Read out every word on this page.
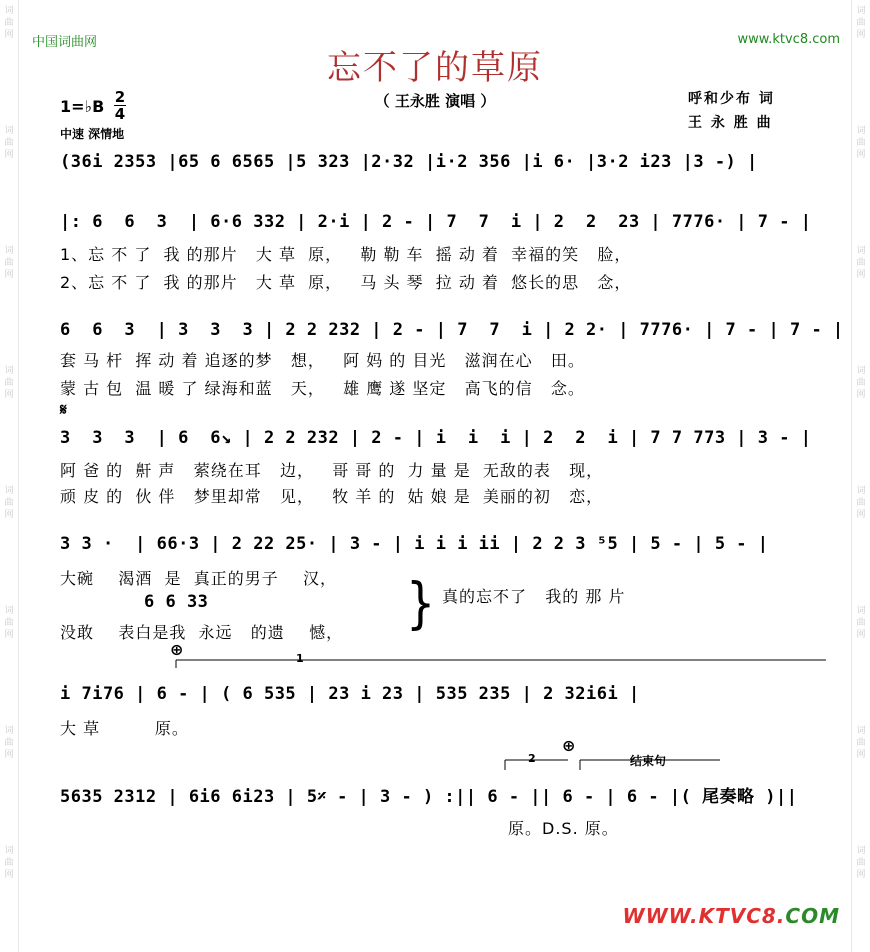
词
曲
网
词
曲
网
词
曲
网
词
曲
网
词
曲
网
词
曲
网
词
曲
网
词
曲
网
词
曲
网
词
曲
网
词
曲
网
词
曲
网
词
曲
网
词
曲
网
词
曲
网
词
曲
网
中国词曲网	www.ktvc8.com
忘不了的草原
（ 王永胜 演唱 ）	呼和少布 词
王 永 胜 曲
1=♭B 2
4
中速 深情地
(36i 2353 |65 6 6565 |5 323 |2·32 |i·2 356 |i 6· |3·2 i23 |3 -) |
|: 6  6  3  | 6·6 332 | 2·i | 2 - | 7  7  i | 2  2  23 | 7776· | 7 - |
1、忘 不 了  我 的那片   大 草  原，   勒 勒 车  摇 动 着  幸福的笑   脸，
2、忘 不 了  我 的那片   大 草  原，   马 头 琴  拉 动 着  悠长的思   念，
6  6  3  | 3  3  3 | 2 2 232 | 2 - | 7  7  i | 2 2· | 7776· | 7 - | 7 - |
套 马 杆  挥 动 着 追逐的梦   想，   阿 妈 的 目光   滋润在心   田。
蒙 古 包  温 暖 了 绿海和蓝   天，   雄 鹰 遂 坚定   高飞的信   念。
𝄋
3  3  3  | 6  6↘ | 2 2 232 | 2 - | i  i  i | 2  2  i | 7 7 773 | 3 - |
阿 爸 的  鼾 声   萦绕在耳   边，   哥 哥 的  力 量 是  无敌的表   现，
顽 皮 的  伙 伴   梦里却常   见，   牧 羊 的  姑 娘 是  美丽的初   恋，
3 3 ·  | 66·3 | 2 22 25· | 3 - | i i i ii | 2 2 3 ⁵5 | 5 - | 5 - |
大碗    渴酒  是  真正的男子    汉，
6 6 33
没敢    表白是我  永远   的遗    憾， } 真的忘不了   我的 那 片
⊕	1
i 7i76 | 6 - | ( 6 535 | 23 i 23 | 535 235 | 2 32i6i |
大 草         原。
2
⊕
结束句
5635 2312 | 6i6 6i23 | 5𝄎 - | 3 - ) :|| 6 - || 6 - | 6 - |( 尾奏略 )||
原。D.S. 原。
WWW.KTVC8.COM
